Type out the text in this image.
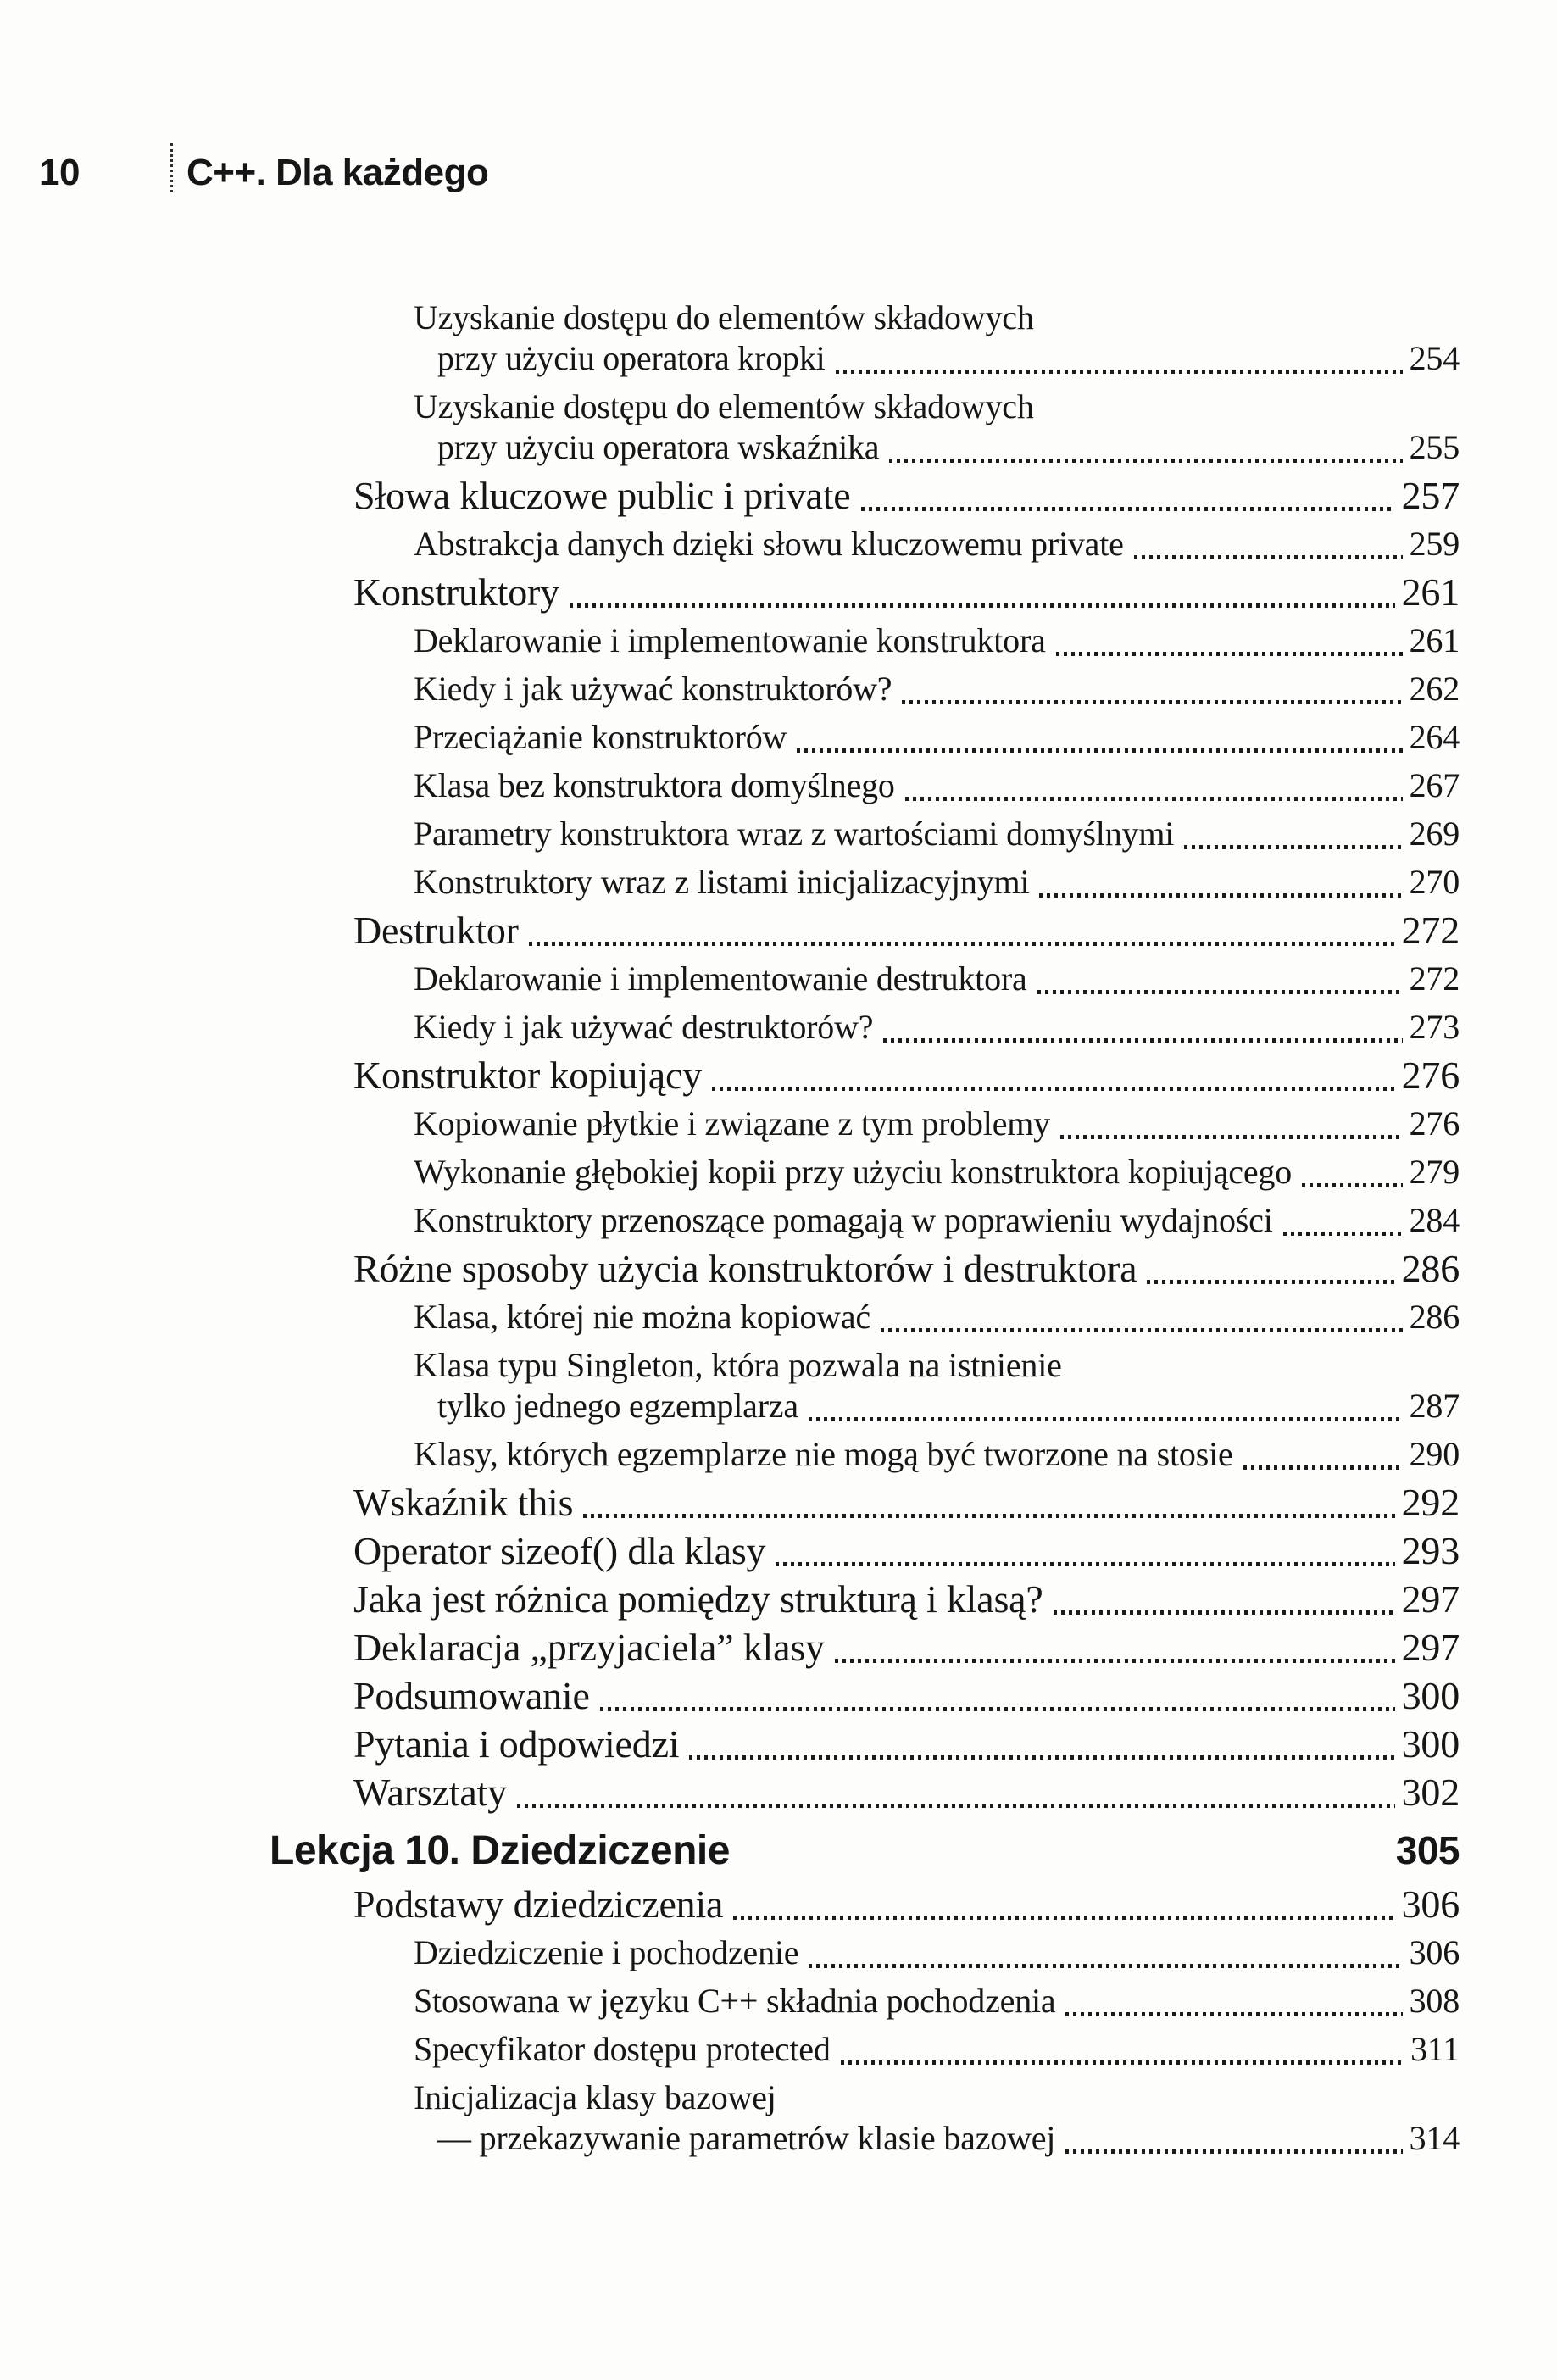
10	C++. Dla każdego
Uzyskanie dostępu do elementów składowych
przy użyciu operatora kropki	254
Uzyskanie dostępu do elementów składowych
przy użyciu operatora wskaźnika	255
Słowa kluczowe public i private	257
Abstrakcja danych dzięki słowu kluczowemu private	259
Konstruktory	261
Deklarowanie i implementowanie konstruktora	261
Kiedy i jak używać konstruktorów?	262
Przeciążanie konstruktorów	264
Klasa bez konstruktora domyślnego	267
Parametry konstruktora wraz z wartościami domyślnymi	269
Konstruktory wraz z listami inicjalizacyjnymi	270
Destruktor	272
Deklarowanie i implementowanie destruktora	272
Kiedy i jak używać destruktorów?	273
Konstruktor kopiujący	276
Kopiowanie płytkie i związane z tym problemy	276
Wykonanie głębokiej kopii przy użyciu konstruktora kopiującego	279
Konstruktory przenoszące pomagają w poprawieniu wydajności	284
Różne sposoby użycia konstruktorów i destruktora	286
Klasa, której nie można kopiować	286
Klasa typu Singleton, która pozwala na istnienie
tylko jednego egzemplarza	287
Klasy, których egzemplarze nie mogą być tworzone na stosie	290
Wskaźnik this	292
Operator sizeof() dla klasy	293
Jaka jest różnica pomiędzy strukturą i klasą?	297
Deklaracja „przyjaciela” klasy	297
Podsumowanie	300
Pytania i odpowiedzi	300
Warsztaty	302
Lekcja 10. Dziedziczenie	305
Podstawy dziedziczenia	306
Dziedziczenie i pochodzenie	306
Stosowana w języku C++ składnia pochodzenia	308
Specyfikator dostępu protected	311
Inicjalizacja klasy bazowej
— przekazywanie parametrów klasie bazowej	314
